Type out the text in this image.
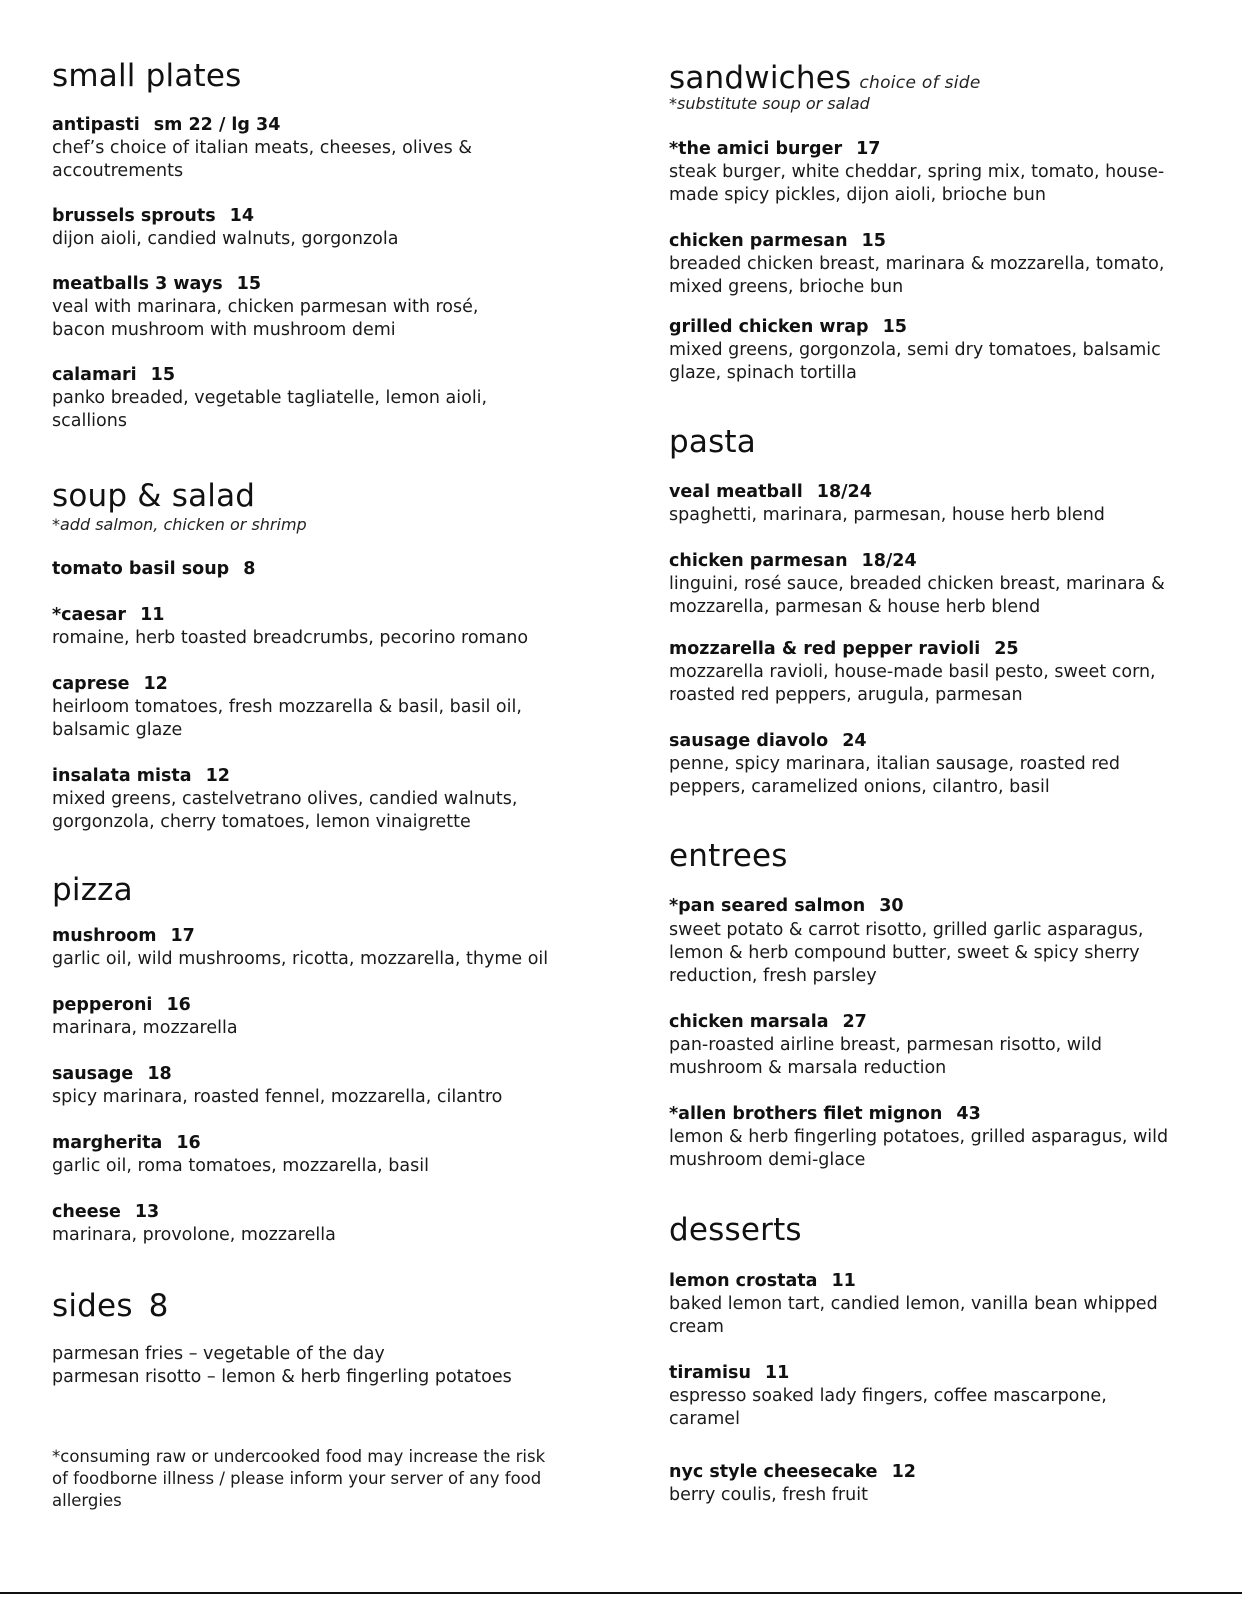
small plates
antipasti sm 22 / lg 34
chef’s choice of italian meats, cheeses, olives &
accoutrements
brussels sprouts 14
dijon aioli, candied walnuts, gorgonzola
meatballs 3 ways 15
veal with marinara, chicken parmesan with rosé,
bacon mushroom with mushroom demi
calamari 15
panko breaded, vegetable tagliatelle, lemon aioli,
scallions
soup & salad
*add salmon, chicken or shrimp
tomato basil soup 8
*caesar 11
romaine, herb toasted breadcrumbs, pecorino romano
caprese 12
heirloom tomatoes, fresh mozzarella & basil, basil oil,
balsamic glaze
insalata mista 12
mixed greens, castelvetrano olives, candied walnuts,
gorgonzola, cherry tomatoes, lemon vinaigrette
pizza
mushroom 17
garlic oil, wild mushrooms, ricotta, mozzarella, thyme oil
pepperoni 16
marinara, mozzarella
sausage 18
spicy marinara, roasted fennel, mozzarella, cilantro
margherita 16
garlic oil, roma tomatoes, mozzarella, basil
cheese 13
marinara, provolone, mozzarella
sides 8
parmesan fries – vegetable of the day
parmesan risotto – lemon & herb fingerling potatoes
*consuming raw or undercooked food may increase the risk
of foodborne illness / please inform your server of any food
allergies
sandwiches choice of side
*substitute soup or salad
*the amici burger 17
steak burger, white cheddar, spring mix, tomato, house-
made spicy pickles, dijon aioli, brioche bun
chicken parmesan 15
breaded chicken breast, marinara & mozzarella, tomato,
mixed greens, brioche bun
grilled chicken wrap 15
mixed greens, gorgonzola, semi dry tomatoes, balsamic
glaze, spinach tortilla
pasta
veal meatball 18/24
spaghetti, marinara, parmesan, house herb blend
chicken parmesan 18/24
linguini, rosé sauce, breaded chicken breast, marinara &
mozzarella, parmesan & house herb blend
mozzarella & red pepper ravioli 25
mozzarella ravioli, house-made basil pesto, sweet corn,
roasted red peppers, arugula, parmesan
sausage diavolo 24
penne, spicy marinara, italian sausage, roasted red
peppers, caramelized onions, cilantro, basil
entrees
*pan seared salmon 30
sweet potato & carrot risotto, grilled garlic asparagus,
lemon & herb compound butter, sweet & spicy sherry
reduction, fresh parsley
chicken marsala 27
pan-roasted airline breast, parmesan risotto, wild
mushroom & marsala reduction
*allen brothers filet mignon 43
lemon & herb fingerling potatoes, grilled asparagus, wild
mushroom demi-glace
desserts
lemon crostata 11
baked lemon tart, candied lemon, vanilla bean whipped
cream
tiramisu 11
espresso soaked lady fingers, coffee mascarpone,
caramel
nyc style cheesecake 12
berry coulis, fresh fruit
